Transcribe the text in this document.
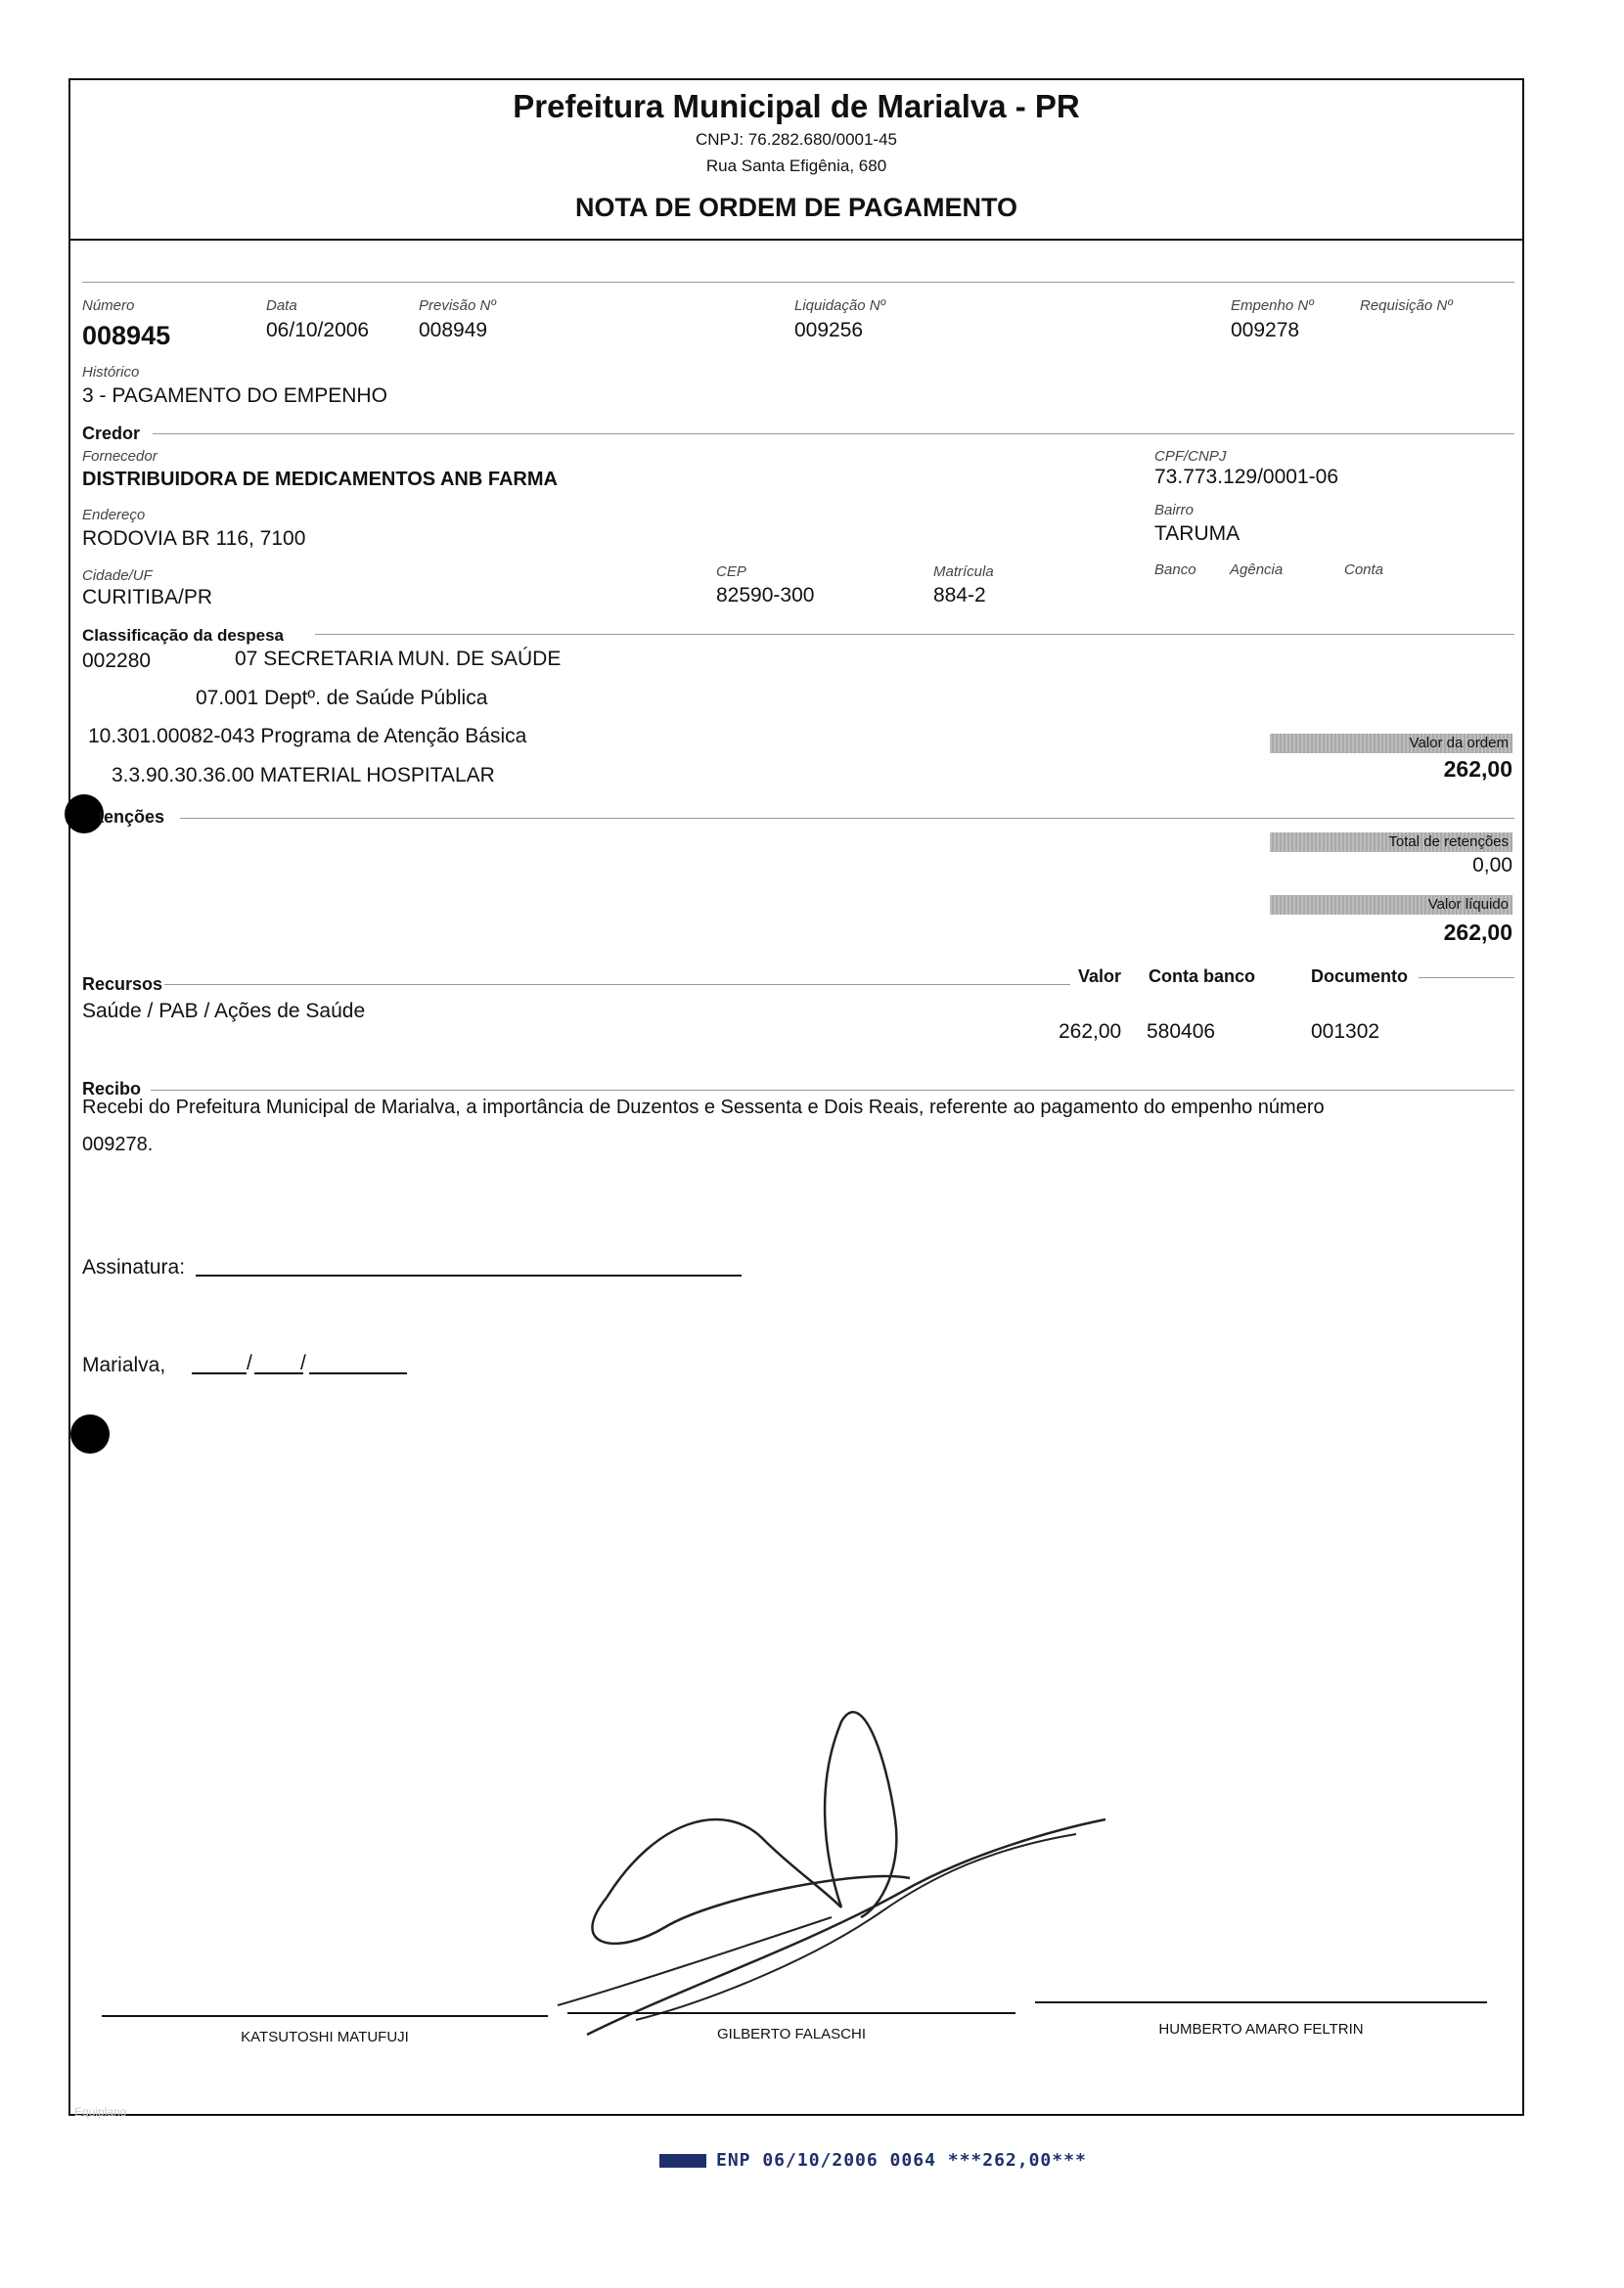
Prefeitura Municipal de Marialva - PR
CNPJ: 76.282.680/0001-45
Rua Santa Efigênia, 680
NOTA DE ORDEM DE PAGAMENTO
Número
008945
Data
06/10/2006
Previsão Nº
008949
Liquidação Nº
009256
Empenho Nº
009278
Requisição Nº
Histórico
3 - PAGAMENTO DO EMPENHO
Credor
Fornecedor
DISTRIBUIDORA DE MEDICAMENTOS ANB FARMA
CPF/CNPJ
73.773.129/0001-06
Endereço
RODOVIA BR 116, 7100
Bairro
TARUMA
Cidade/UF
CURITIBA/PR
CEP
82590-300
Matrícula
884-2
Banco Agência	Conta
Classificação da despesa
002280	07 SECRETARIA MUN. DE SAÚDE
07.001 Deptº. de Saúde Pública
10.301.00082-043 Programa de Atenção Básica
3.3.90.30.36.00 MATERIAL HOSPITALAR
Valor da ordem
262,00
tenções
Total de retenções
0,00
Valor líquido
262,00
Recursos	Valor Conta banco	Documento
Saúde / PAB / Ações de Saúde
262,00 580406	001302
Recibo
Recebi do Prefeitura Municipal de Marialva, a importância de Duzentos e Sessenta e Dois Reais, referente ao pagamento do empenho número
009278.
Assinatura:
Marialva,	/ /
KATSUTOSHI MATUFUJI	GILBERTO FALASCHI	HUMBERTO AMARO FELTRIN
Equiplano
ENP 06/10/2006 0064 ***262,00***
